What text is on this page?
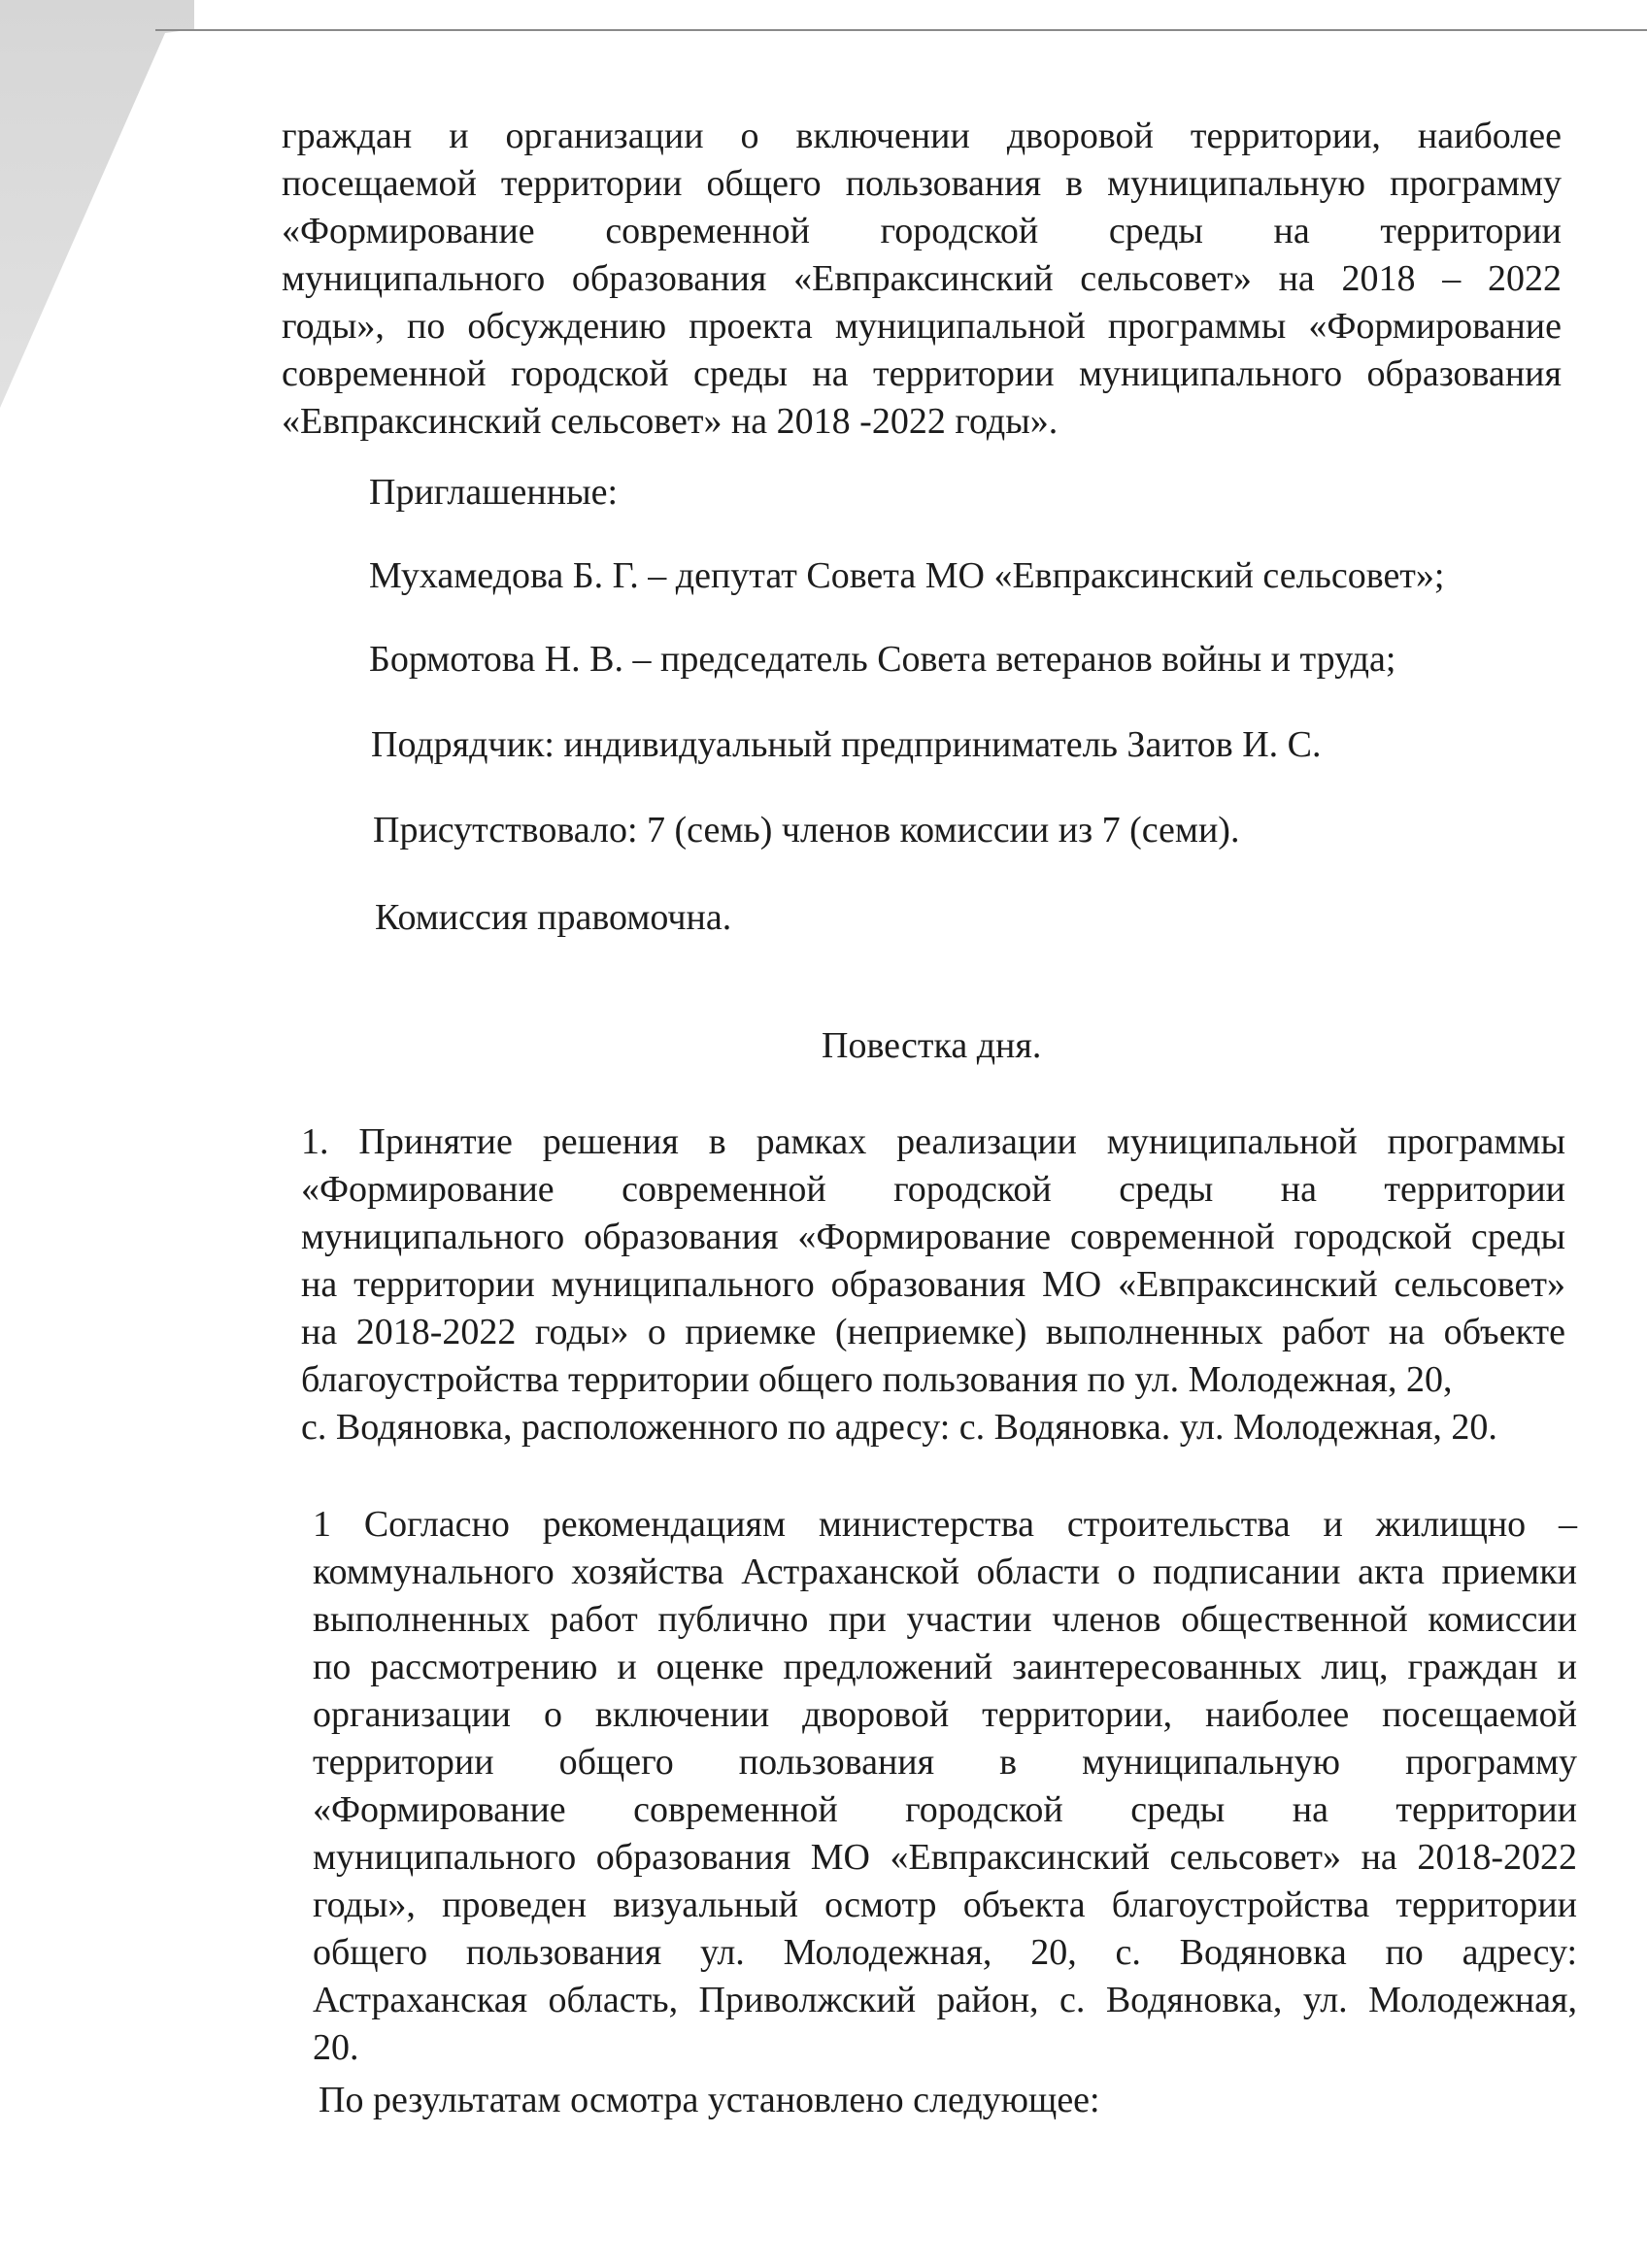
граждан и организации о включении дворовой территории, наиболее
посещаемой территории общего пользования в муниципальную программу
«Формирование современной городской среды на территории
муниципального образования «Евпраксинский сельсовет» на 2018 – 2022
годы», по обсуждению проекта муниципальной программы «Формирование
современной городской среды на территории муниципального образования
«Евпраксинский сельсовет» на 2018 -2022 годы».

Приглашенные:

Мухамедова Б. Г. – депутат Совета МО «Евпраксинский сельсовет»;

Бормотова Н. В. – председатель Совета ветеранов войны и труда;

Подрядчик: индивидуальный предприниматель Заитов И. С.

Присутствовало: 7 (семь) членов комиссии из 7 (семи).

Комиссия правомочна.

Повестка дня.

1. Принятие решения в рамках реализации муниципальной программы
«Формирование современной городской среды на территории
муниципального образования «Формирование современной городской среды
на территории муниципального образования МО «Евпраксинский сельсовет»
на 2018-2022 годы» о приемке (неприемке) выполненных работ на объекте
благоустройства территории общего пользования по ул. Молодежная, 20,
с. Водяновка, расположенного по адресу: с. Водяновка. ул. Молодежная, 20.
1 Согласно рекомендациям министерства строительства и жилищно –
коммунального хозяйства Астраханской области о подписании акта приемки
выполненных работ публично при участии членов общественной комиссии
по рассмотрению и оценке предложений заинтересованных лиц, граждан и
организации о включении дворовой территории, наиболее посещаемой
территории общего пользования в муниципальную программу
«Формирование современной городской среды на территории
муниципального образования МО «Евпраксинский сельсовет» на 2018-2022
годы», проведен визуальный осмотр объекта благоустройства территории
общего пользования ул. Молодежная, 20, с. Водяновка по адресу:
Астраханская область, Приволжский район, с. Водяновка, ул. Молодежная,
20.

По результатам осмотра установлено следующее:
